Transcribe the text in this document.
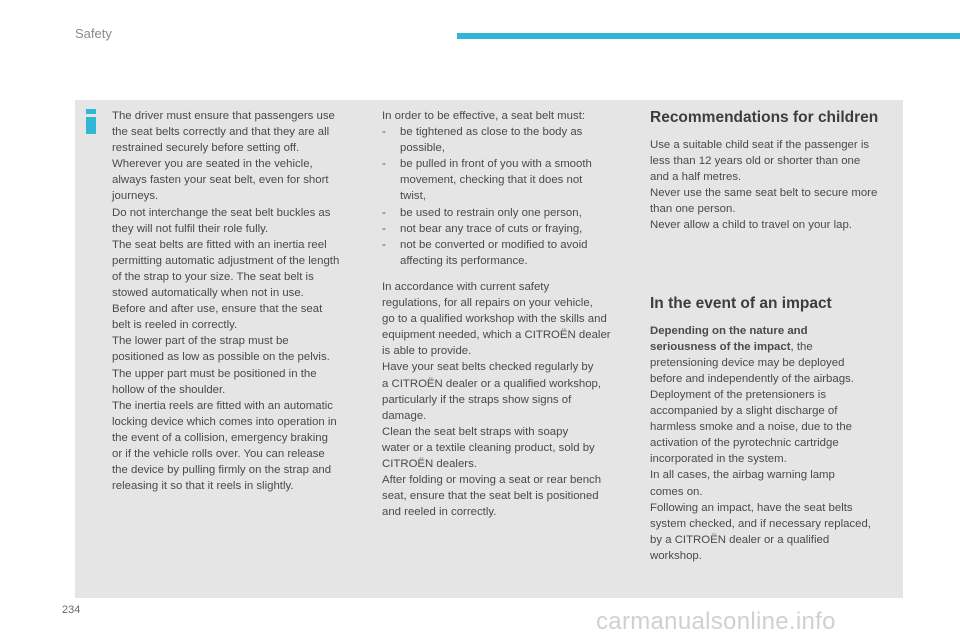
Safety

The driver must ensure that passengers use

the seat belts correctly and that they are all

restrained securely before setting off.

Wherever you are seated in the vehicle,

always fasten your seat belt, even for short

journeys.

Do not interchange the seat belt buckles as

they will not fulfil their role fully.

The seat belts are fitted with an inertia reel

permitting automatic adjustment of the length

of the strap to your size. The seat belt is

stowed automatically when not in use.

Before and after use, ensure that the seat

belt is reeled in correctly.

The lower part of the strap must be

positioned as low as possible on the pelvis.

The upper part must be positioned in the

hollow of the shoulder.

The inertia reels are fitted with an automatic

locking device which comes into operation in

the event of a collision, emergency braking

or if the vehicle rolls over. You can release

the device by pulling firmly on the strap and

releasing it so that it reels in slightly.

In order to be effective, a seat belt must:

- be tightened as close to the body as

possible,

- be pulled in front of you with a smooth

movement, checking that it does not

twist,

- be used to restrain only one person,

- not bear any trace of cuts or fraying,

- not be converted or modified to avoid

affecting its performance.

In accordance with current safety

regulations, for all repairs on your vehicle,

go to a qualified workshop with the skills and

equipment needed, which a CITROËN dealer

is able to provide.

Have your seat belts checked regularly by

a CITROËN dealer or a qualified workshop,

particularly if the straps show signs of

damage.

Clean the seat belt straps with soapy

water or a textile cleaning product, sold by

CITROËN dealers.

After folding or moving a seat or rear bench

seat, ensure that the seat belt is positioned

and reeled in correctly.

Recommendations for children

Use a suitable child seat if the passenger is

less than 12 years old or shorter than one

and a half metres.

Never use the same seat belt to secure more

than one person.

Never allow a child to travel on your lap.

In the event of an impact

Depending on the nature and

seriousness of the impact, the

pretensioning device may be deployed

before and independently of the airbags.

Deployment of the pretensioners is

accompanied by a slight discharge of

harmless smoke and a noise, due to the

activation of the pyrotechnic cartridge

incorporated in the system.

In all cases, the airbag warning lamp

comes on.

Following an impact, have the seat belts

system checked, and if necessary replaced,

by a CITROËN dealer or a qualified

workshop.

234	carmanualsonline.info
